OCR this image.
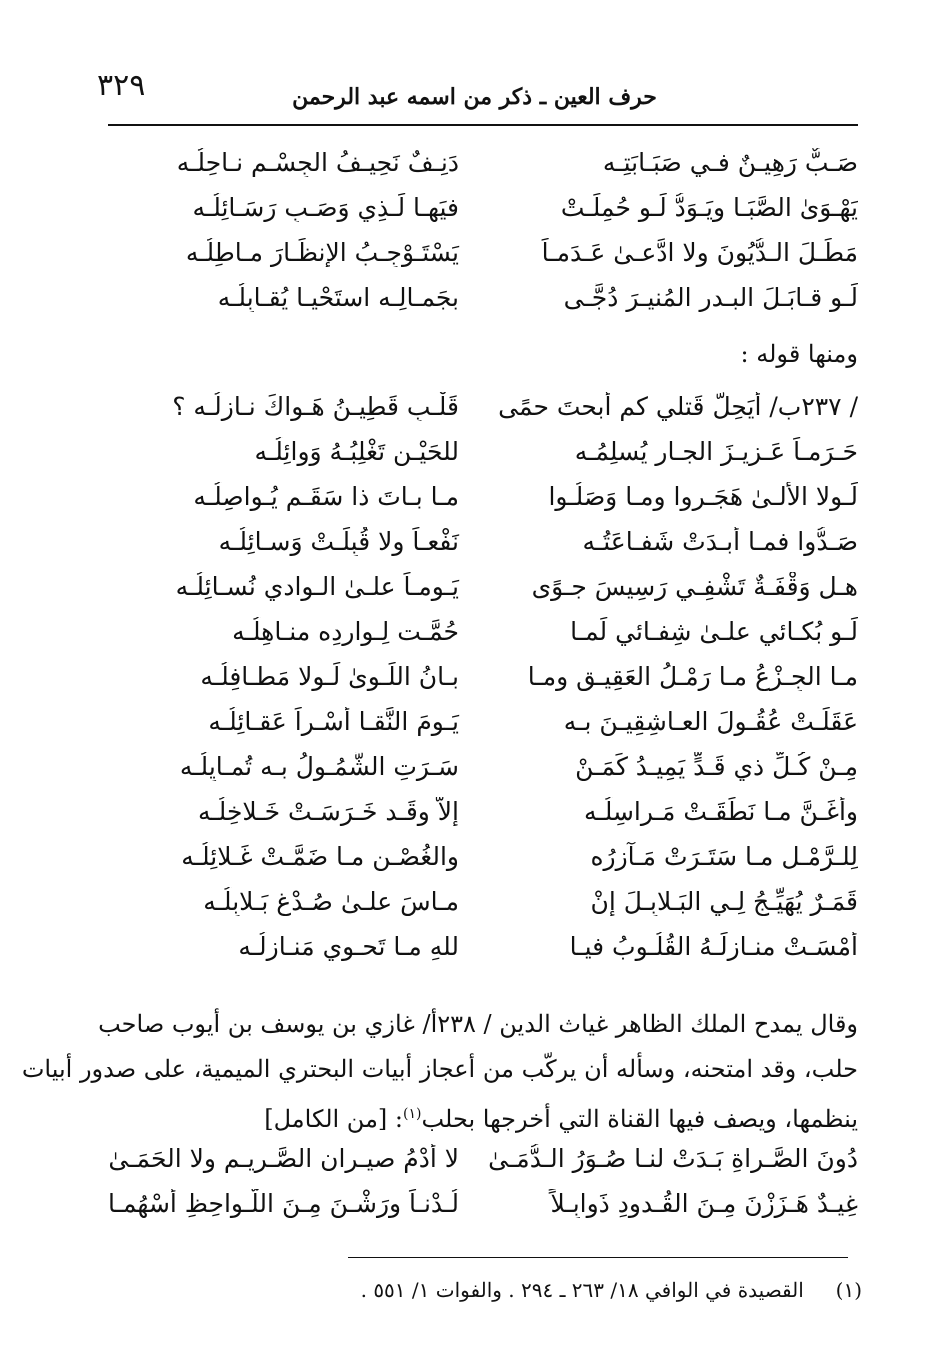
٣٢٩	حرف العين ـ ذكر من اسمه عبد الرحمن
صَـبٌّ رَهِيـنٌ فـي صَبَـابَتِـه
دَنِـفٌ نَحِيـفُ الجِسْـمِ نـاحِلُـه
يَهْـوَىٰ الصَّبَـا ويَـوَدُّ لَـو حُمِلَـتْ
فيَهـا لَـذِي وَصَـبٍ رَسَـائِلُـه
مَطَـلَ الـدُّيُونَ ولا ادَّعـىٰ عَـدَمـاً
يَسْتَـوْجِـبُ الإِنظَـارَ مـاطِلُـه
لَـو قـابَـلَ البـدرِ المُنيـرَ دُجًّـى
بجَمـالِـه استَحْيـا يُقـابِلُـه
ومنها قوله :
/ ٢٣٧ب/ أيَحِلُّ قَتلي كم أبحتَ حمًى
قَلْـبٍ قَطِيـنُ هَـواكَ نـازِلُـه ؟
حَـرَمـاً عَـزِيـزَ الجـارِ يُسلِمُـه
للحَيْـنِ تَغْلِبُـهُ وَوائِلُـه
لَـولا الأُلـىٰ هَجَـروا ومـا وَصَلُـوا
مـا بـاتَ ذا سَقَـمٍ يُـواصِلُـه
صَـدُّوا فمـا أبـدَتْ شَفـاعَتُـه
نَفْعـاً ولا قُبِلَـتْ وَسـائِلُـه
هـل وَقْفَـةٌ تَشْفِـي رَسِيسَ جـوًى
يَـومـاً علـىٰ الـوادي نُسـائِلُـه
لَـو بُكـائي علـىٰ شِفـائي لَمـا
حُمَّـت لِـوارِدِه منـاهِلُـه
مـا الجِـزْعُ مـا رَمْـلُ العَقِيـقِ ومـا
بـانُ اللِّـوىٰ لَـولا مَطـافِلُـه
عَقَلَـتْ عُقُـولَ العـاشِقِيـنَ بـه
يَـومَ النَّقـا أَسْـراً عَقـائِلُـه
مِـنْ كُـلِّ ذي قَـدٍّ يَمِيـدُ كَمَـنْ
سَـرَتِ الشَّمُـولُ بـه تُمـايِلُـه
وأغَـنَّ مـا نَطَقَـتْ مَـراسِلُـه
إلاَّ وقَـد خَـرَسَـتْ خَـلاخِلُـه
لِلـرَّمْـلِ مـا سَتَـرَتْ مَـآزِرُه
والغُصْـنِ مـا ضَمَّـتْ غَـلائِلُـه
قَمَـرٌ يُهَيِّـجُ لِـي البَـلابِـلَ إنْ
مـاسَ علـىٰ صُـدْغٍ بَـلابِلُـه
أمْسَـتْ منـازِلَـهُ القُلُـوبُ فيـا
للهِ مـا تَحـوِي مَنـازِلُـه
وقال يمدح الملك الظاهر غياث الدين / ٢٣٨أ/ غازي بن يوسف بن أيوب صاحب
حلب، وقد امتحنه، وسأله أن يركّب من أعجاز أبيات البحتري الميمية، على صدور أبيات
ينظمها، ويصف فيها القناة التي أخرجها بحلب$^{(١)}$: [من الكامل]
دُونَ الصَّـراةِ بَـدَتْ لنـا صُـوَرُ الـدُّمَـىٰ
لا أُدْمُ صيـرانِ الصَّـرِيـمِ ولا الحَمَـىٰ
غِيـدٌ هَـزَزْنَ مِـنَ القُـدودِ ذَوابِـلاً
لُـدْنـاً ورَشْـنَ مِـنَ اللَّـواحِظِ أَسْهُمـا
(١)     القصيدة في الوافي ١٨/ ٢٦٣ ـ ٢٩٤ . والفوات ١/ ٥٥١ .
